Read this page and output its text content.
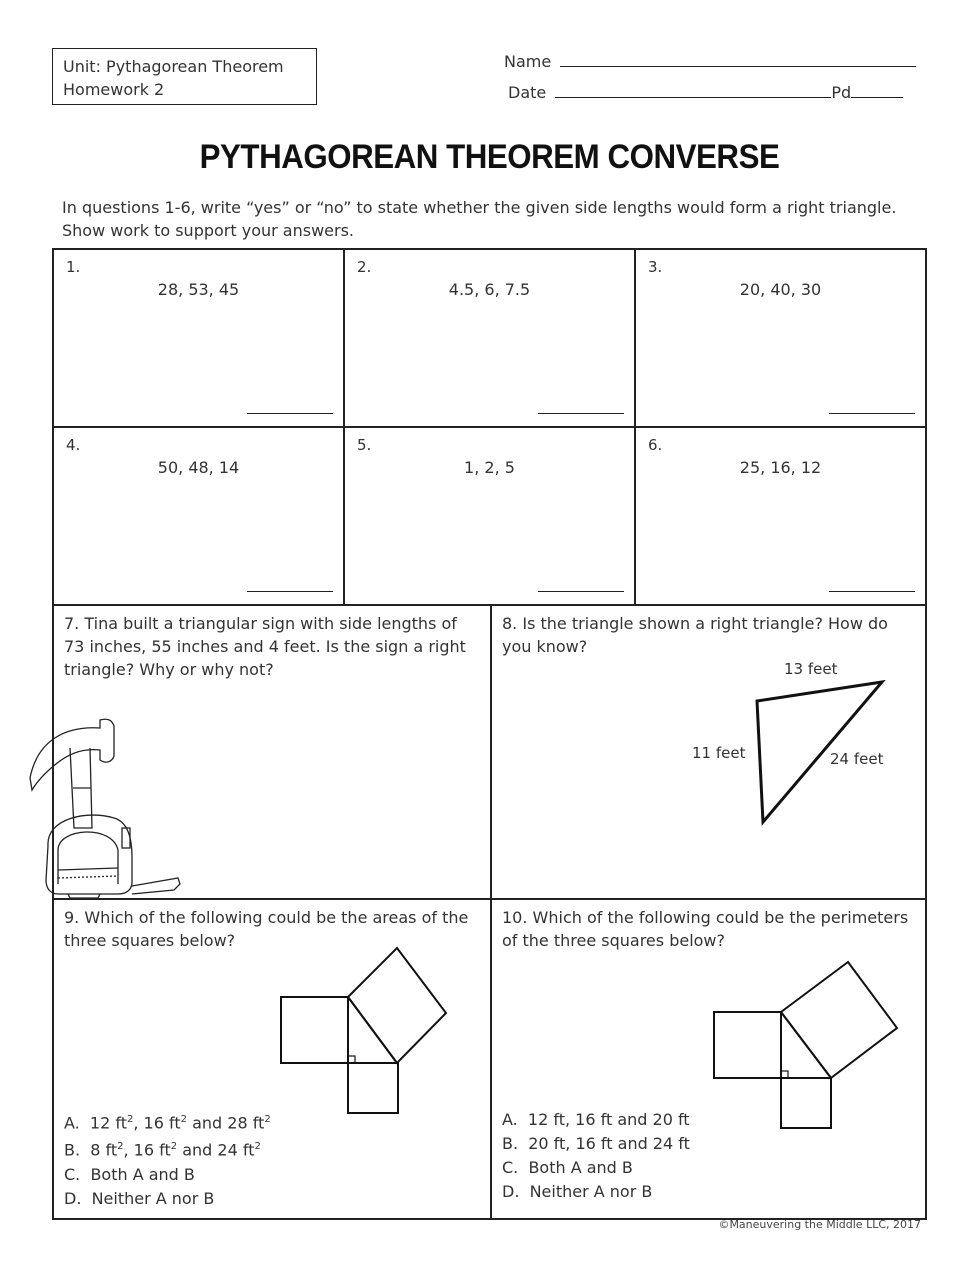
Unit: Pythagorean Theorem
Homework 2
Name
Date	Pd
PYTHAGOREAN THEOREM CONVERSE
In questions 1-6, write “yes” or “no” to state whether the given side lengths would form a right triangle. Show work to support your answers.
1.
28, 53, 45
2.
4.5, 6, 7.5
3.
20, 40, 30
4.
50, 48, 14
5.
1, 2, 5
6.
25, 16, 12
7. Tina built a triangular sign with side lengths of 73 inches, 55 inches and 4 feet. Is the sign a right triangle? Why or why not?
8. Is the triangle shown a right triangle? How do you know?
13 feet
11 feet	24 feet
9. Which of the following could be the areas of the three squares below?
A. 12 $ft^2$, 16 $ft^2$ and 28 $ft^2$
B. 8 $ft^2$, 16 $ft^2$ and 24 $ft^2$
C. Both A and B
D. Neither A nor B
10. Which of the following could be the perimeters of the three squares below?
A. 12 ft, 16 ft and 20 ft
B. 20 ft, 16 ft and 24 ft
C. Both A and B
D. Neither A nor B
©Maneuvering the Middle LLC, 2017
